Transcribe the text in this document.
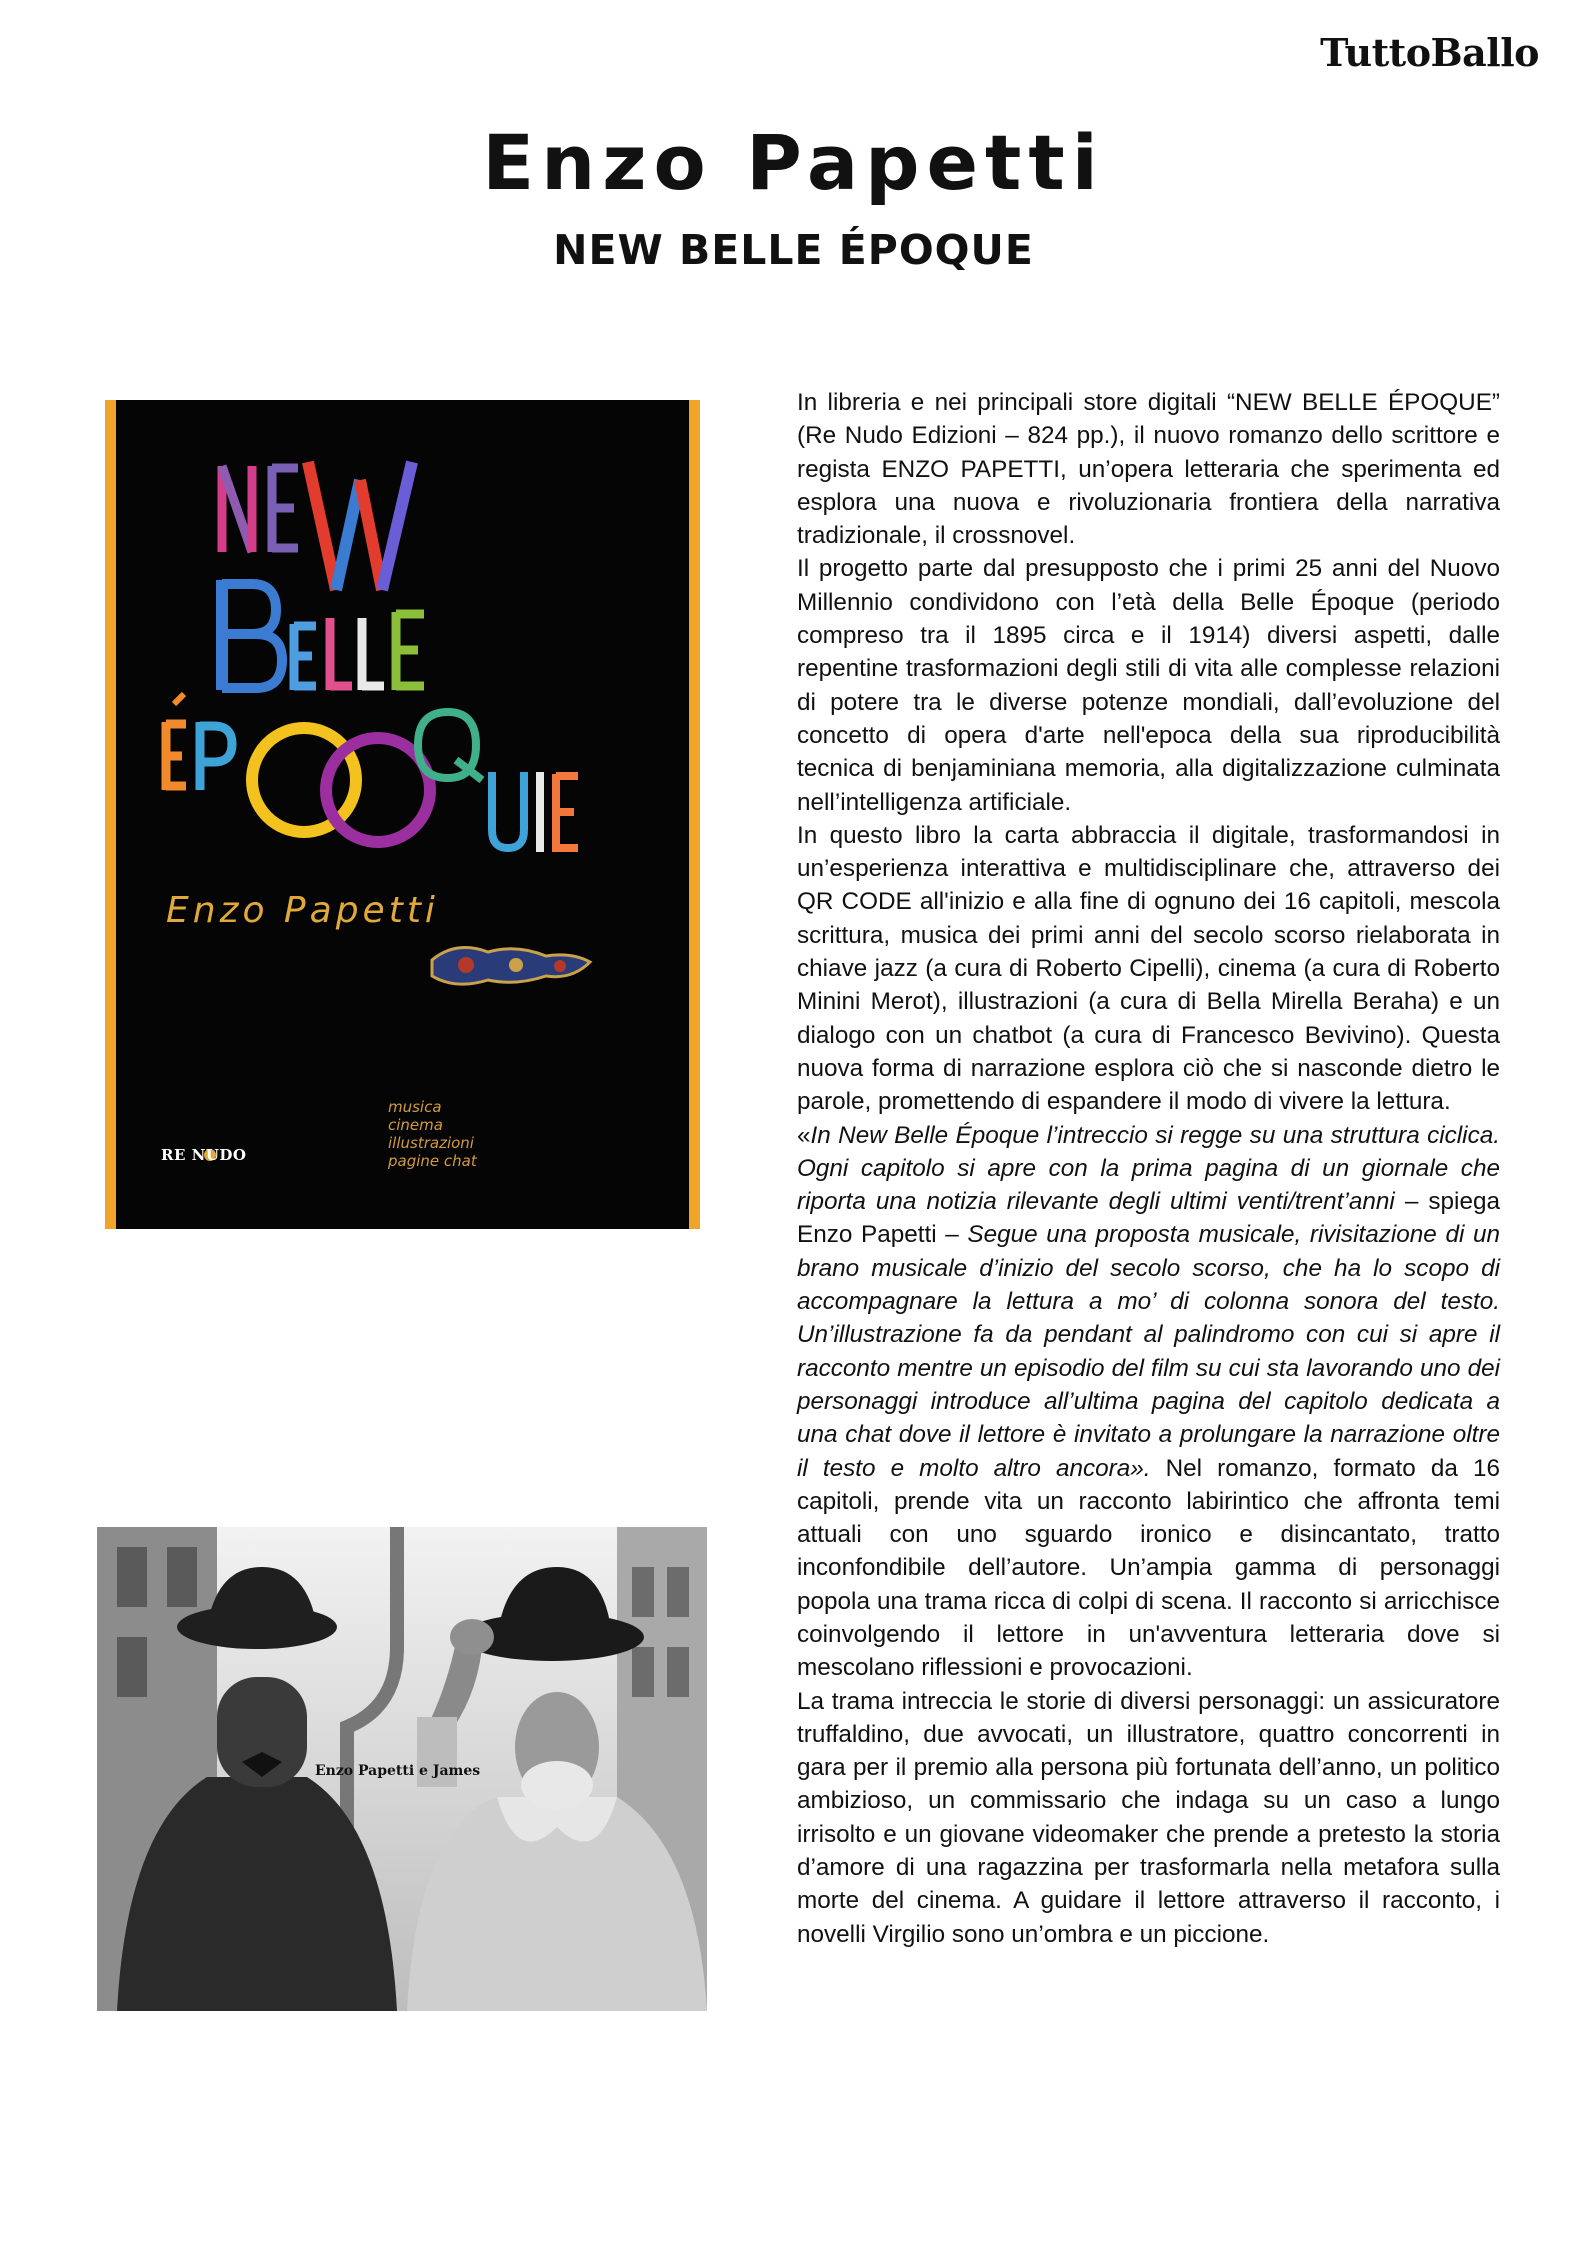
TuttoBallo
Enzo Papetti
NEW BELLE ÉPOQUE
Enzo Papetti
musica
cinema
illustrazioni
pagine chat
RE NUDO
Enzo Papetti e James

In libreria e nei principali store digitali “NEW BELLE ÉPOQUE” (Re Nudo Edizioni – 824 pp.), il nuovo romanzo dello scrittore e regista ENZO PAPETTI, un’opera letteraria che sperimenta ed esplora una nuova e rivoluzionaria frontiera della narrativa tradizionale, il crossnovel.

Il progetto parte dal presupposto che i primi 25 anni del Nuovo Millennio condividono con l’età della Belle Époque (periodo compreso tra il 1895 circa e il 1914) diversi aspetti, dalle repentine trasformazioni degli stili di vita alle complesse relazioni di potere tra le diverse potenze mondiali, dall’evoluzione del concetto di opera d'arte nell'epoca della sua riproducibilità tecnica di benjaminiana memoria, alla digitalizzazione culminata nell’intelligenza artificiale.

In questo libro la carta abbraccia il digitale, trasformandosi in un’esperienza interattiva e multidisciplinare che, attraverso dei QR CODE all'inizio e alla fine di ognuno dei 16 capitoli, mescola scrittura, musica dei primi anni del secolo scorso rielaborata in chiave jazz (a cura di Roberto Cipelli), cinema (a cura di Roberto Minini Merot), illustrazioni (a cura di Bella Mirella Beraha) e un dialogo con un chatbot (a cura di Francesco Bevivino). Questa nuova forma di narrazione esplora ciò che si nasconde dietro le parole, promettendo di espandere il modo di vivere la lettura.

«In New Belle Époque l’intreccio si regge su una struttura ciclica. Ogni capitolo si apre con la prima pagina di un giornale che riporta una notizia rilevante degli ultimi venti/trent’anni – spiega Enzo Papetti – Segue una proposta musicale, rivisitazione di un brano musicale d’inizio del secolo scorso, che ha lo scopo di accompagnare la lettura a mo’ di colonna sonora del testo. Un’illustrazione fa da pendant al palindromo con cui si apre il racconto mentre un episodio del film su cui sta lavorando uno dei personaggi introduce all’ultima pagina del capitolo dedicata a una chat dove il lettore è invitato a prolungare la narrazione oltre il testo e molto altro ancora». Nel romanzo, formato da 16 capitoli, prende vita un racconto labirintico che affronta temi attuali con uno sguardo ironico e disincantato, tratto inconfondibile dell’autore. Un’ampia gamma di personaggi popola una trama ricca di colpi di scena. Il racconto si arricchisce coinvolgendo il lettore in un'avventura letteraria dove si mescolano riflessioni e provocazioni.

La trama intreccia le storie di diversi personaggi: un assicuratore truffaldino, due avvocati, un illustratore, quattro concorrenti in gara per il premio alla persona più fortunata dell’anno, un politico ambizioso, un commissario che indaga su un caso a lungo irrisolto e un giovane videomaker che prende a pretesto la storia d’amore di una ragazzina per trasformarla nella metafora sulla morte del cinema. A guidare il lettore attraverso il racconto, i novelli Virgilio sono un’ombra e un piccione.
